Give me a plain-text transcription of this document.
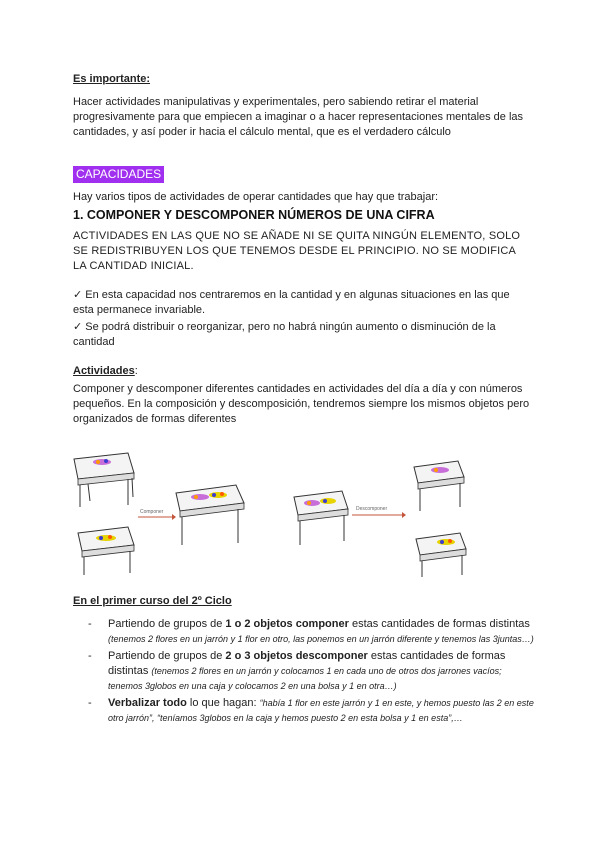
Es importante:

Hacer actividades manipulativas y experimentales, pero sabiendo retirar el material progresivamente para que empiecen a imaginar o a hacer representaciones mentales de las cantidades, y así poder ir hacia el cálculo mental, que es el verdadero cálculo

CAPACIDADES

Hay varios tipos de actividades de operar cantidades que hay que trabajar:

1. COMPONER Y DESCOMPONER NÚMEROS DE UNA CIFRA

ACTIVIDADES EN LAS QUE NO SE AÑADE NI SE QUITA NINGÚN ELEMENTO, SOLO SE REDISTRIBUYEN LOS QUE TENEMOS DESDE EL PRINCIPIO. NO SE MODIFICA LA CANTIDAD INICIAL.

✓ En esta capacidad nos centraremos en la cantidad y en algunas situaciones en las que esta permanece invariable.

✓ Se podrá distribuir o reorganizar, pero no habrá ningún aumento o disminución de la cantidad

Actividades:

Componer y descomponer diferentes cantidades en actividades del día a día y con números pequeños. En la composición y descomposición, tendremos siempre los mismos objetos pero organizados de formas diferentes

Componer	Descomponer

En el primer curso del 2º Ciclo

- Partiendo de grupos de 1 o 2 objetos componer estas cantidades de formas distintas (tenemos 2 flores en un jarrón y 1 flor en otro, las ponemos en un jarrón diferente y tenemos las 3juntas…)
- Partiendo de grupos de 2 o 3 objetos descomponer estas cantidades de formas distintas (tenemos 2 flores en un jarrón y colocamos 1 en cada uno de otros dos jarrones vacíos; tenemos 3globos en una caja y colocamos 2 en una bolsa y 1 en otra…)
- Verbalizar todo lo que hagan: “había 1 flor en este jarrón y 1 en este, y hemos puesto las 2 en este otro jarrón”, “teníamos 3globos en la caja y hemos puesto 2 en esta bolsa y 1 en esta”,…
